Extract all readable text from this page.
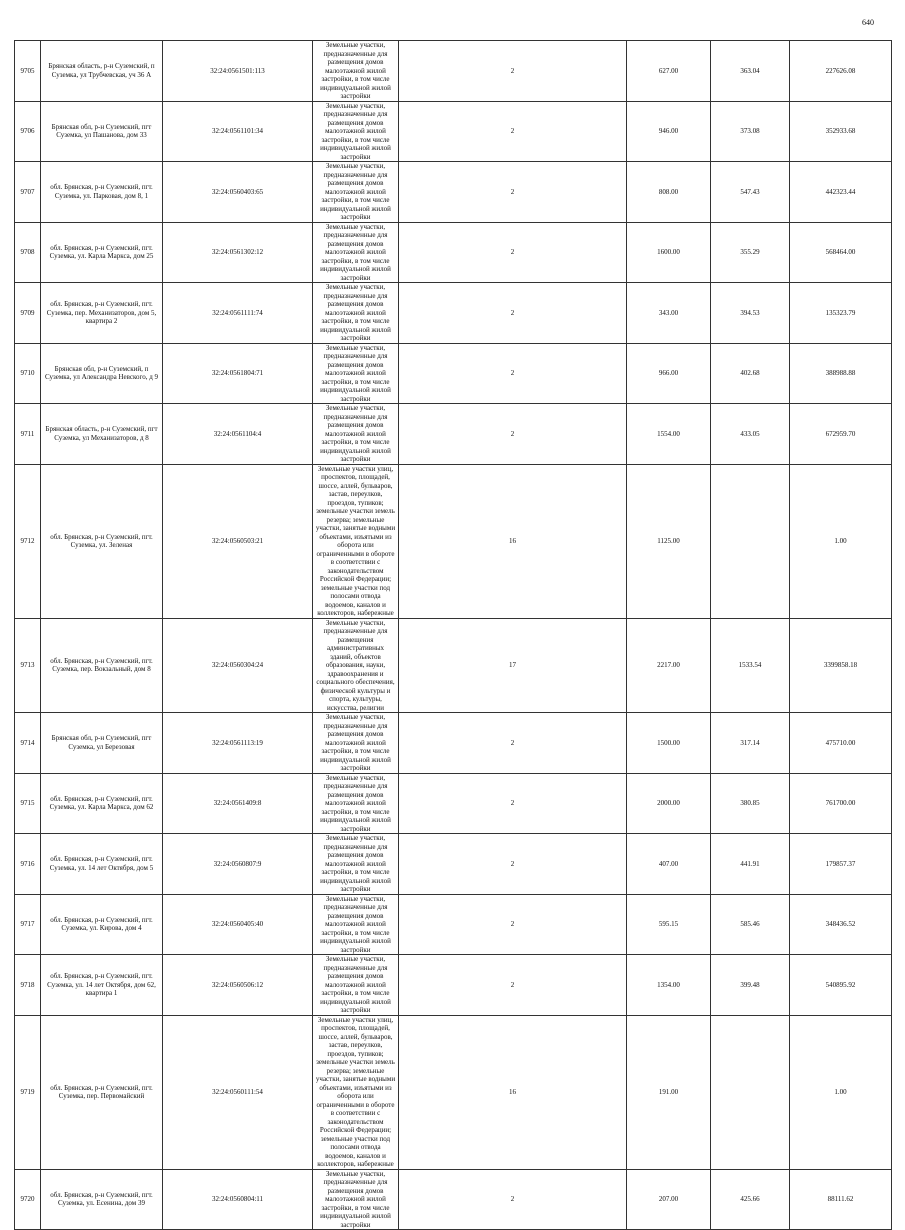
640
9705	Брянская область, р-н Суземский, п Суземка, ул Трубчевская, уч 36 А	32:24:0561501:113	Земельные участки, предназначенные для размещения домов малоэтажной жилой застройки, в том числе индивидуальной жилой застройки	2	627.00	363.04	227626.08
9706	Брянская обл, р-н Суземский, пгт Суземка, ул Пашанова, дом 33	32:24:0561101:34	Земельные участки, предназначенные для размещения домов малоэтажной жилой застройки, в том числе индивидуальной жилой застройки	2	946.00	373.08	352933.68
9707	обл. Брянская, р-н Суземский, пгт. Суземка, ул. Парковая, дом 8, 1	32:24:0560403:65	Земельные участки, предназначенные для размещения домов малоэтажной жилой застройки, в том числе индивидуальной жилой застройки	2	808.00	547.43	442323.44
9708	обл. Брянская, р-н Суземский, пгт. Суземка, ул. Карла Маркса, дом 25	32:24:0561302:12	Земельные участки, предназначенные для размещения домов малоэтажной жилой застройки, в том числе индивидуальной жилой застройки	2	1600.00	355.29	568464.00
9709	обл. Брянская, р-н Суземский, пгт. Суземка, пер. Механизаторов, дом 5, квартира 2	32:24:0561111:74	Земельные участки, предназначенные для размещения домов малоэтажной жилой застройки, в том числе индивидуальной жилой застройки	2	343.00	394.53	135323.79
9710	Брянская обл, р-н Суземский, п Суземка, ул Александра Невского, д 9	32:24:0561804:71	Земельные участки, предназначенные для размещения домов малоэтажной жилой застройки, в том числе индивидуальной жилой застройки	2	966.00	402.68	388988.88
9711	Брянская область, р-н Суземский, пгт Суземка, ул Механизаторов, д 8	32:24:0561104:4	Земельные участки, предназначенные для размещения домов малоэтажной жилой застройки, в том числе индивидуальной жилой застройки	2	1554.00	433.05	672959.70
9712	обл. Брянская, р-н Суземский, пгт. Суземка, ул. Зеленая	32:24:0560503:21	Земельные участки улиц, проспектов, площадей, шоссе, аллей, бульваров, застав, переулков, проездов, тупиков; земельные участки земель резерва; земельные участки, занятые водными объектами, изъятыми из оборота или ограниченными в обороте в соответствии с законодательством Российской Федерации; земельные участки под полосами отвода водоемов, каналов и коллекторов, набережные	16	1125.00		1.00
9713	обл. Брянская, р-н Суземский, пгт. Суземка, пер. Вокзальный, дом 8	32:24:0560304:24	Земельные участки, предназначенные для размещения административных зданий, объектов образования, науки, здравоохранения и социального обеспечения, физической культуры и спорта, культуры, искусства, религии	17	2217.00	1533.54	3399858.18
9714	Брянская обл, р-н Суземский, пгт Суземка, ул Березовая	32:24:0561113:19	Земельные участки, предназначенные для размещения домов малоэтажной жилой застройки, в том числе индивидуальной жилой застройки	2	1500.00	317.14	475710.00
9715	обл. Брянская, р-н Суземский, пгт. Суземка, ул. Карла Маркса, дом 62	32:24:0561409:8	Земельные участки, предназначенные для размещения домов малоэтажной жилой застройки, в том числе индивидуальной жилой застройки	2	2000.00	380.85	761700.00
9716	обл. Брянская, р-н Суземский, пгт. Суземка, ул. 14 лет Октября, дом 5	32:24:0560807:9	Земельные участки, предназначенные для размещения домов малоэтажной жилой застройки, в том числе индивидуальной жилой застройки	2	407.00	441.91	179857.37
9717	обл. Брянская, р-н Суземский, пгт. Суземка, ул. Кирова, дом 4	32:24:0560405:40	Земельные участки, предназначенные для размещения домов малоэтажной жилой застройки, в том числе индивидуальной жилой застройки	2	595.15	585.46	348436.52
9718	обл. Брянская, р-н Суземский, пгт. Суземка, ул. 14 лет Октября, дом 62, квартира 1	32:24:0560506:12	Земельные участки, предназначенные для размещения домов малоэтажной жилой застройки, в том числе индивидуальной жилой застройки	2	1354.00	399.48	540895.92
9719	обл. Брянская, р-н Суземский, пгт. Суземка, пер. Первомайский	32:24:0560111:54	Земельные участки улиц, проспектов, площадей, шоссе, аллей, бульваров, застав, переулков, проездов, тупиков; земельные участки земель резерва; земельные участки, занятые водными объектами, изъятыми из оборота или ограниченными в обороте в соответствии с законодательством Российской Федерации; земельные участки под полосами отвода водоемов, каналов и коллекторов, набережные	16	191.00		1.00
9720	обл. Брянская, р-н Суземский, пгт. Суземка, ул. Есенина, дом 39	32:24:0560804:11	Земельные участки, предназначенные для размещения домов малоэтажной жилой застройки, в том числе индивидуальной жилой застройки	2	207.00	425.66	88111.62
